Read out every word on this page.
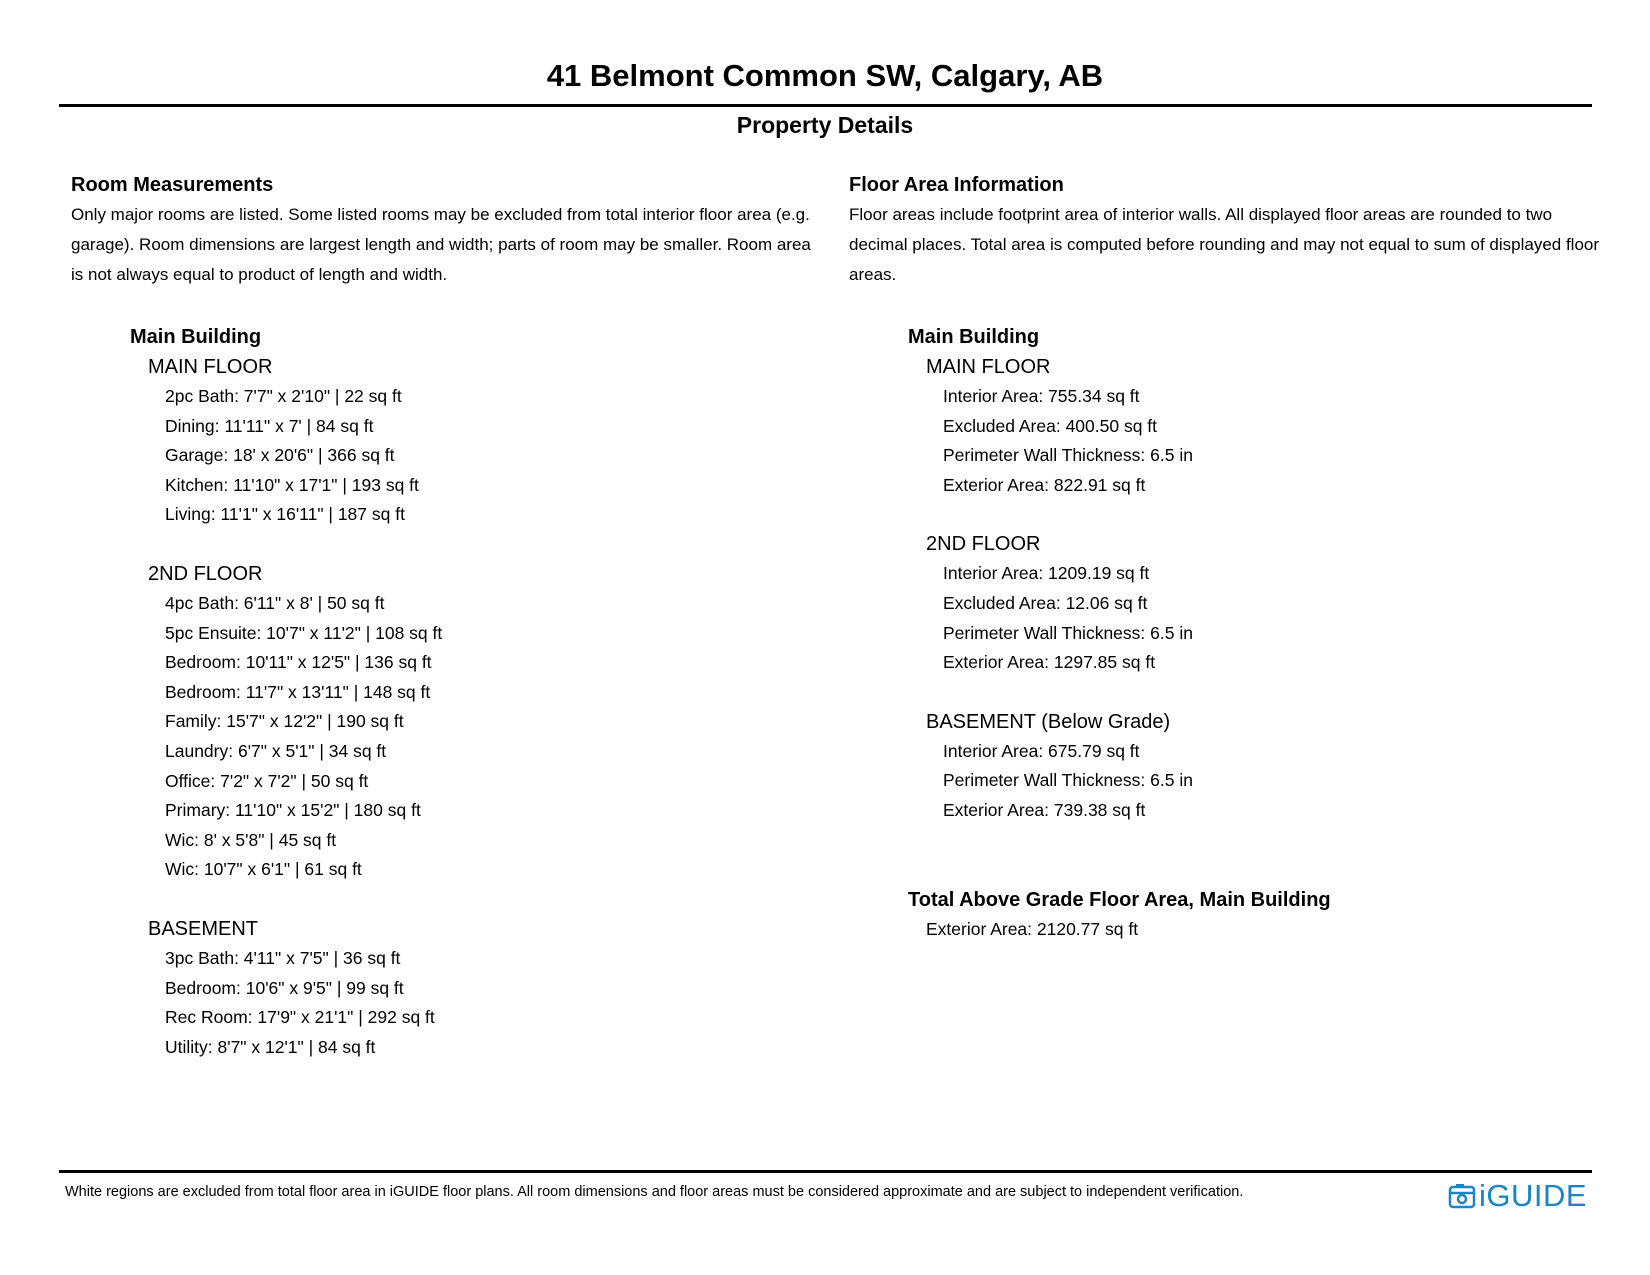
41 Belmont Common SW, Calgary, AB
Property Details
Room Measurements
Only major rooms are listed. Some listed rooms may be excluded from total interior floor area (e.g. garage). Room dimensions are largest length and width; parts of room may be smaller. Room area is not always equal to product of length and width.
Main Building
MAIN FLOOR
2pc Bath: 7'7" x 2'10" | 22 sq ft
Dining: 11'11" x 7' | 84 sq ft
Garage: 18' x 20'6" | 366 sq ft
Kitchen: 11'10" x 17'1" | 193 sq ft
Living: 11'1" x 16'11" | 187 sq ft
2ND FLOOR
4pc Bath: 6'11" x 8' | 50 sq ft
5pc Ensuite: 10'7" x 11'2" | 108 sq ft
Bedroom: 10'11" x 12'5" | 136 sq ft
Bedroom: 11'7" x 13'11" | 148 sq ft
Family: 15'7" x 12'2" | 190 sq ft
Laundry: 6'7" x 5'1" | 34 sq ft
Office: 7'2" x 7'2" | 50 sq ft
Primary: 11'10" x 15'2" | 180 sq ft
Wic: 8' x 5'8" | 45 sq ft
Wic: 10'7" x 6'1" | 61 sq ft
BASEMENT
3pc Bath: 4'11" x 7'5" | 36 sq ft
Bedroom: 10'6" x 9'5" | 99 sq ft
Rec Room: 17'9" x 21'1" | 292 sq ft
Utility: 8'7" x 12'1" | 84 sq ft
Floor Area Information
Floor areas include footprint area of interior walls. All displayed floor areas are rounded to two decimal places. Total area is computed before rounding and may not equal to sum of displayed floor areas.
Main Building
MAIN FLOOR
Interior Area: 755.34 sq ft
Excluded Area: 400.50 sq ft
Perimeter Wall Thickness: 6.5 in
Exterior Area: 822.91 sq ft
2ND FLOOR
Interior Area: 1209.19 sq ft
Excluded Area: 12.06 sq ft
Perimeter Wall Thickness: 6.5 in
Exterior Area: 1297.85 sq ft
BASEMENT (Below Grade)
Interior Area: 675.79 sq ft
Perimeter Wall Thickness: 6.5 in
Exterior Area: 739.38 sq ft
Total Above Grade Floor Area, Main Building
Exterior Area: 2120.77 sq ft
White regions are excluded from total floor area in iGUIDE floor plans. All room dimensions and floor areas must be considered approximate and are subject to independent verification.	iGUIDE
